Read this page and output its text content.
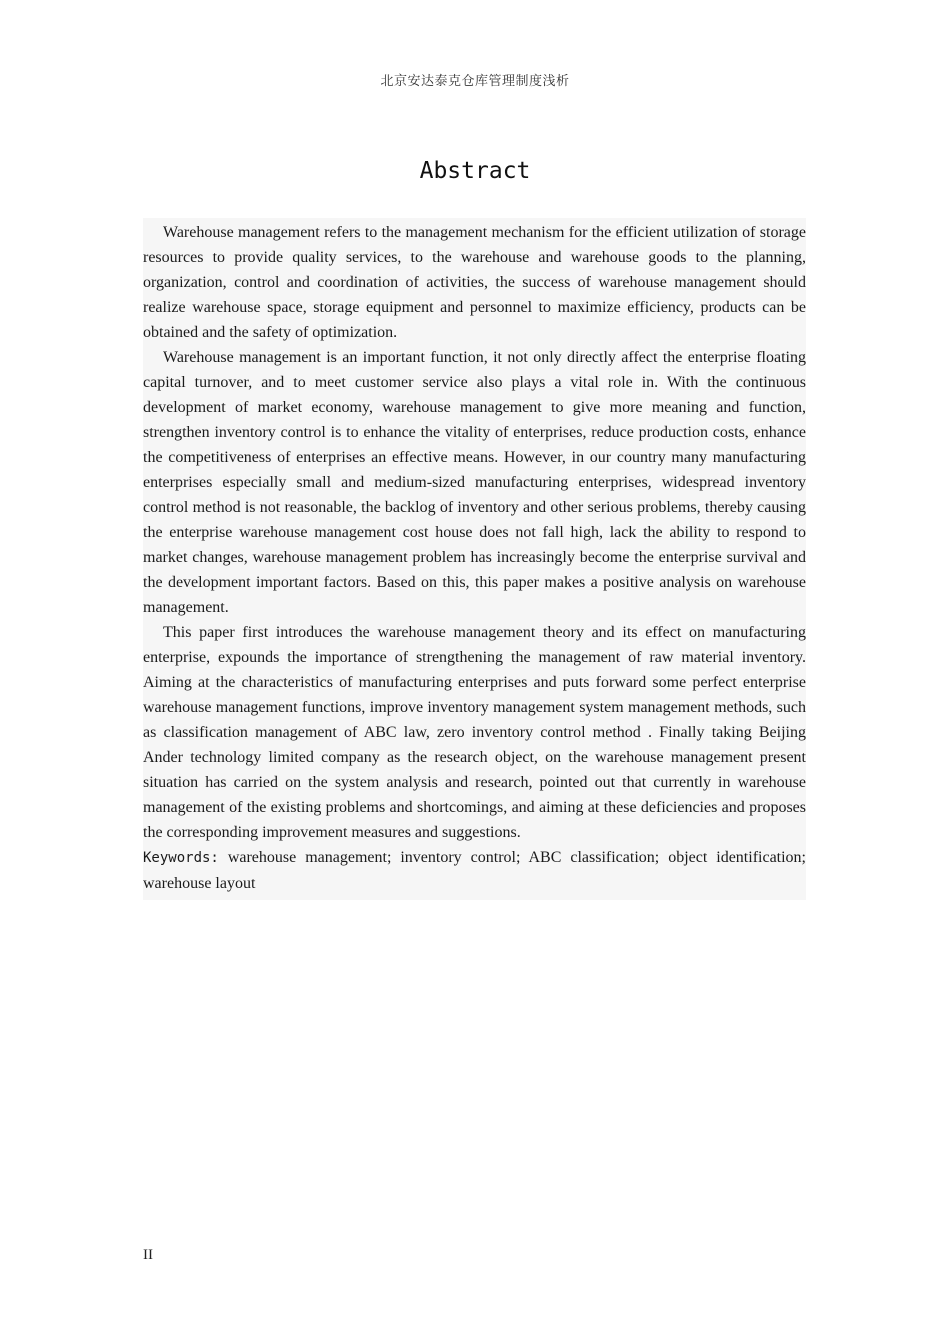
北京安达泰克仓库管理制度浅析
Abstract

Warehouse management refers to the management mechanism for the efficient utilization of storage resources to provide quality services, to the warehouse and warehouse goods to the planning, organization, control and coordination of activities, the success of warehouse management should realize warehouse space, storage equipment and personnel to maximize efficiency, products can be obtained and the safety of optimization.

Warehouse management is an important function, it not only directly affect the enterprise floating capital turnover, and to meet customer service also plays a vital role in. With the continuous development of market economy, warehouse management to give more meaning and function, strengthen inventory control is to enhance the vitality of enterprises, reduce production costs, enhance the competitiveness of enterprises an effective means. However, in our country many manufacturing enterprises especially small and medium-sized manufacturing enterprises, widespread inventory control method is not reasonable, the backlog of inventory and other serious problems, thereby causing the enterprise warehouse management cost house does not fall high, lack the ability to respond to market changes, warehouse management problem has increasingly become the enterprise survival and the development important factors. Based on this, this paper makes a positive analysis on warehouse management.

This paper first introduces the warehouse management theory and its effect on manufacturing enterprise, expounds the importance of strengthening the management of raw material inventory. Aiming at the characteristics of manufacturing enterprises and puts forward some perfect enterprise warehouse management functions, improve inventory management system management methods, such as classification management of ABC law, zero inventory control method . Finally taking Beijing Ander technology limited company as the research object, on the warehouse management present situation has carried on the system analysis and research, pointed out that currently in warehouse management of the existing problems and shortcomings, and aiming at these deficiencies and proposes the corresponding improvement measures and suggestions.

Keywords: warehouse management; inventory control; ABC classification; object identification; warehouse layout

II
